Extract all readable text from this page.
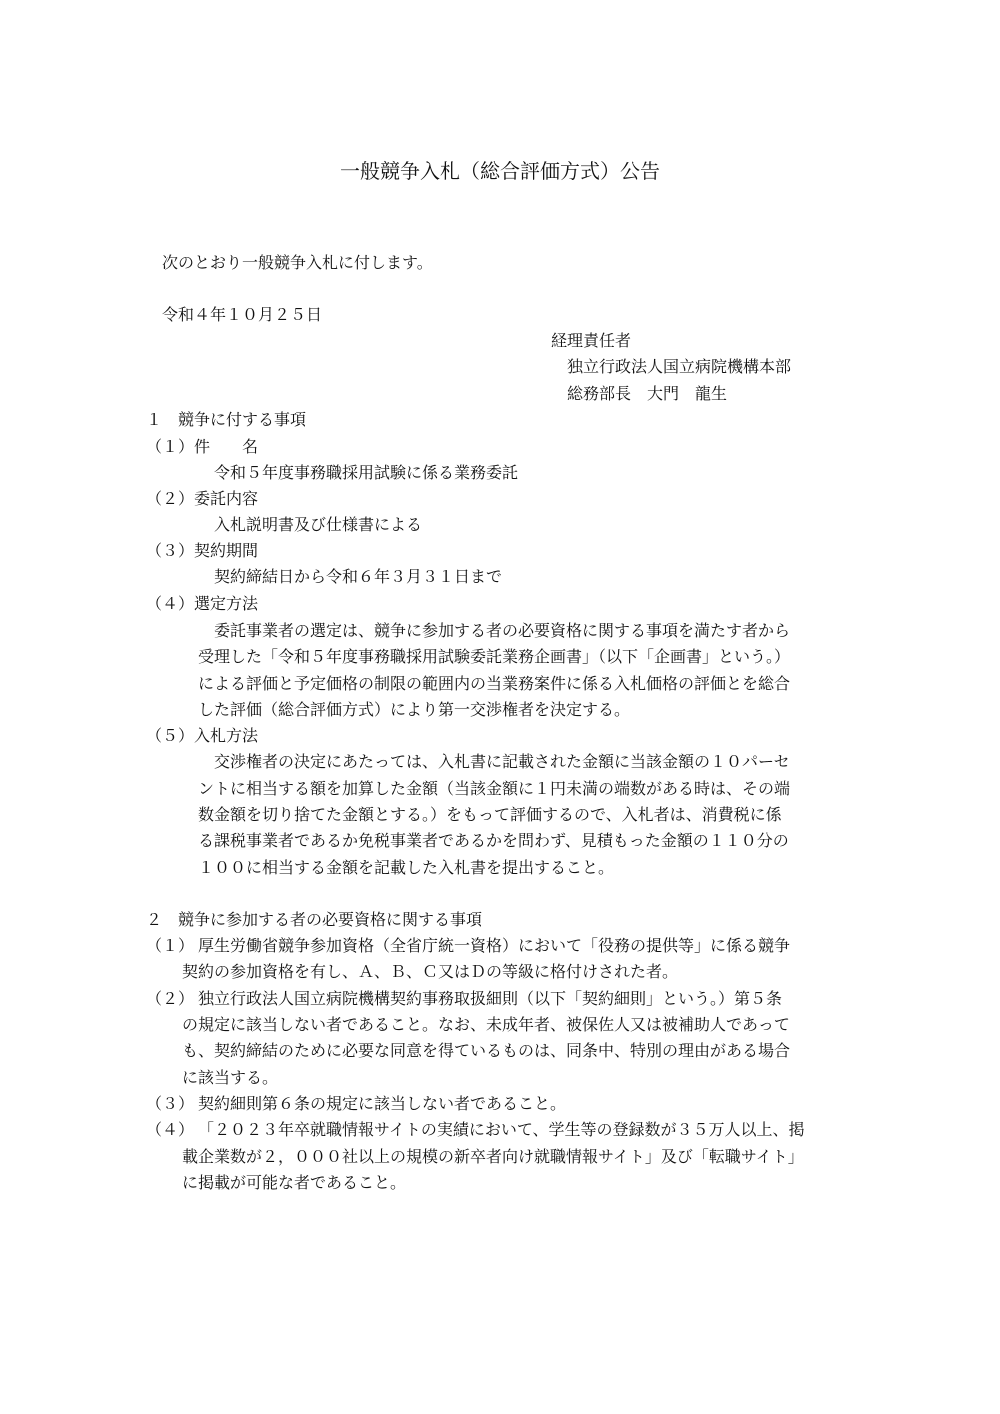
一般競争入札（総合評価方式）公告
次のとおり一般競争入札に付します。
令和４年１０月２５日
経理責任者
独立行政法人国立病院機構本部
総務部長　大門　龍生
１　競争に付する事項
（１）件　　名
令和５年度事務職採用試験に係る業務委託
（２）委託内容
入札説明書及び仕様書による
（３）契約期間
契約締結日から令和６年３月３１日まで
（４）選定方法
委託事業者の選定は、競争に参加する者の必要資格に関する事項を満たす者から
受理した「令和５年度事務職採用試験委託業務企画書」（以下「企画書」という。）
による評価と予定価格の制限の範囲内の当業務案件に係る入札価格の評価とを総合
した評価（総合評価方式）により第一交渉権者を決定する。
（５）入札方法
交渉権者の決定にあたっては、入札書に記載された金額に当該金額の１０パーセ
ントに相当する額を加算した金額（当該金額に１円未満の端数がある時は、その端
数金額を切り捨てた金額とする。）をもって評価するので、入札者は、消費税に係
る課税事業者であるか免税事業者であるかを問わず、見積もった金額の１１０分の
１００に相当する金額を記載した入札書を提出すること。
２　競争に参加する者の必要資格に関する事項
（１） 厚生労働省競争参加資格（全省庁統一資格）において「役務の提供等」に係る競争
契約の参加資格を有し、Ａ、Ｂ、Ｃ又はＤの等級に格付けされた者。
（２） 独立行政法人国立病院機構契約事務取扱細則（以下「契約細則」という。）第５条
の規定に該当しない者であること。なお、未成年者、被保佐人又は被補助人であって
も、契約締結のために必要な同意を得ているものは、同条中、特別の理由がある場合
に該当する。
（３） 契約細則第６条の規定に該当しない者であること。
（４） 「２０２３年卒就職情報サイトの実績において、学生等の登録数が３５万人以上、掲
載企業数が２，０００社以上の規模の新卒者向け就職情報サイト」及び「転職サイト」
に掲載が可能な者であること。
